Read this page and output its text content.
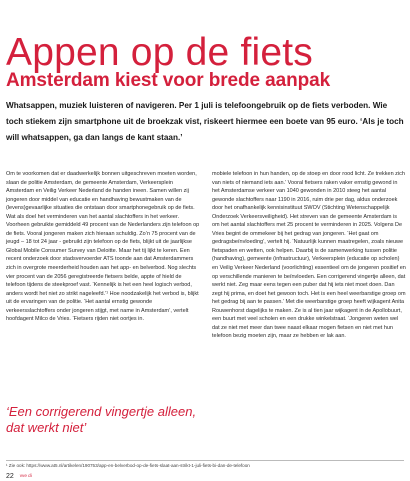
Appen op de fiets
Amsterdam kiest voor brede aanpak

Whatsappen, muziek luisteren of navigeren. Per 1 juli is telefoongebruik op de fiets verboden. Wie toch stiekem zijn smartphone uit de broekzak vist, riskeert hiermee een boete van 95 euro. ‘Als je toch will whatsappen, ga dan langs de kant staan.’

Om te voorkomen dat er daadwerkelijk bonnen uitgeschreven moeten worden, slaan de politie Amsterdam, de gemeente Amsterdam, Verkeersplein Amsterdam en Veilig Verkeer Nederland de handen ineen. Samen willen zij jongeren door middel van educatie en handhaving bewustmaken van de (levens)gevaarlijke situaties die ontstaan door smartphonegebruik op de fiets. Wat als doel het verminderen van het aantal slachtoffers in het verkeer. Voorheen gebruikte gemiddeld 49 procent van de Nederlanders zijn telefoon op de fiets. Vooral jongeren maken zich hieraan schuldig. Zo’n 75 procent van de jeugd – 18 tot 24 jaar - gebruikt zijn telefoon op de fiets, blijkt uit de jaarlijkse Global Mobile Consumer Survey van Deloitte. Maar het tij lijkt te keren. Een recent onderzoek door stadsvervoerder ATS toonde aan dat Amsterdammers zich in overgrote meerderheid houden aan het app- en belverbod. Nog slechts vier procent van de 2056 geregistreerde fietsers belde, appte of hield de telefoon tijdens de steekproef vast. ‘Kennelijk is het een heel logisch verbod, anders wordt het niet zo strikt nageleefd.’¹ Hoe noodzakelijk het verbod is, blijkt uit de ervaringen van de politie. ‘Het aantal ernstig gewonde verkeersslachtoffers onder jongeren stijgt, met name in Amsterdam’, vertelt hoofdagent Milco de Vries. ‘Fietsers rijden niet oortjes in.

mobiele telefoon in hun handen, op de stoep en door rood licht. Ze trekken zich van niets of niemand iets aan.’ Vooral fietsers raken vaker ernstig gewond in het Amsterdamse verkeer van 1040 gewonden in 2010 steeg het aantal gewonde slachtoffers naar 1190 in 2016, ruim drie per dag, aldus onderzoek door het onafhankelijk kennisinstituut SWOV (Stichting Wetenschappelijk Onderzoek Verkeersveiligheid). Het streven van de gemeente Amsterdam is om het aantal slachtoffers met 25 procent te verminderen in 2025. Volgens De Vries begint de ommekeer bij het gedrag van jongeren. ‘Het gaat om gedragsbeïnvloeding’, vertelt hij. ‘Natuurlijk kunnen maatregelen, zoals nieuwe fietspaden en wetten, ook helpen. Daarbij is de samenwerking tussen politie (handhaving), gemeente (infrastructuur), Verkeersplein (educatie op scholen) en Veilig Verkeer Nederland (voorlichting) essentieel om de jongeren positief en op verschillende manieren te beïnvloeden. Een corrigerend vingertje alleen, dat werkt niet. Zeg maar eens tegen een puber dat hij iets niet moet doen. Dan zegt hij prima, en doet het gewoon toch. Het is een heel weerbarstige groep om het gedrag bij aan te passen.’ Met die weerbarstige groep heeft wijkagent Anita Rouwenhorst dagelijks te maken. Ze is al tien jaar wijkagent in de Apollobuurt, een buurt met veel scholen en een drukke winkelstraat. ‘Jongeren weten wel dat ze niet met meer dan twee naast elkaar mogen fietsen en niet met hun telefoon bezig moeten zijn, maar ze hebben er lak aan.

‘Een corrigerend vingertje alleen, dat werkt niet’
¹ Zie ook: https://www.at5.nl/artikelen/190753/app-en-belverbod-op-de-fiets-slaat-aan-strikt-1-juli-fiets-bi-dan-de-telefoon
22 vve di
